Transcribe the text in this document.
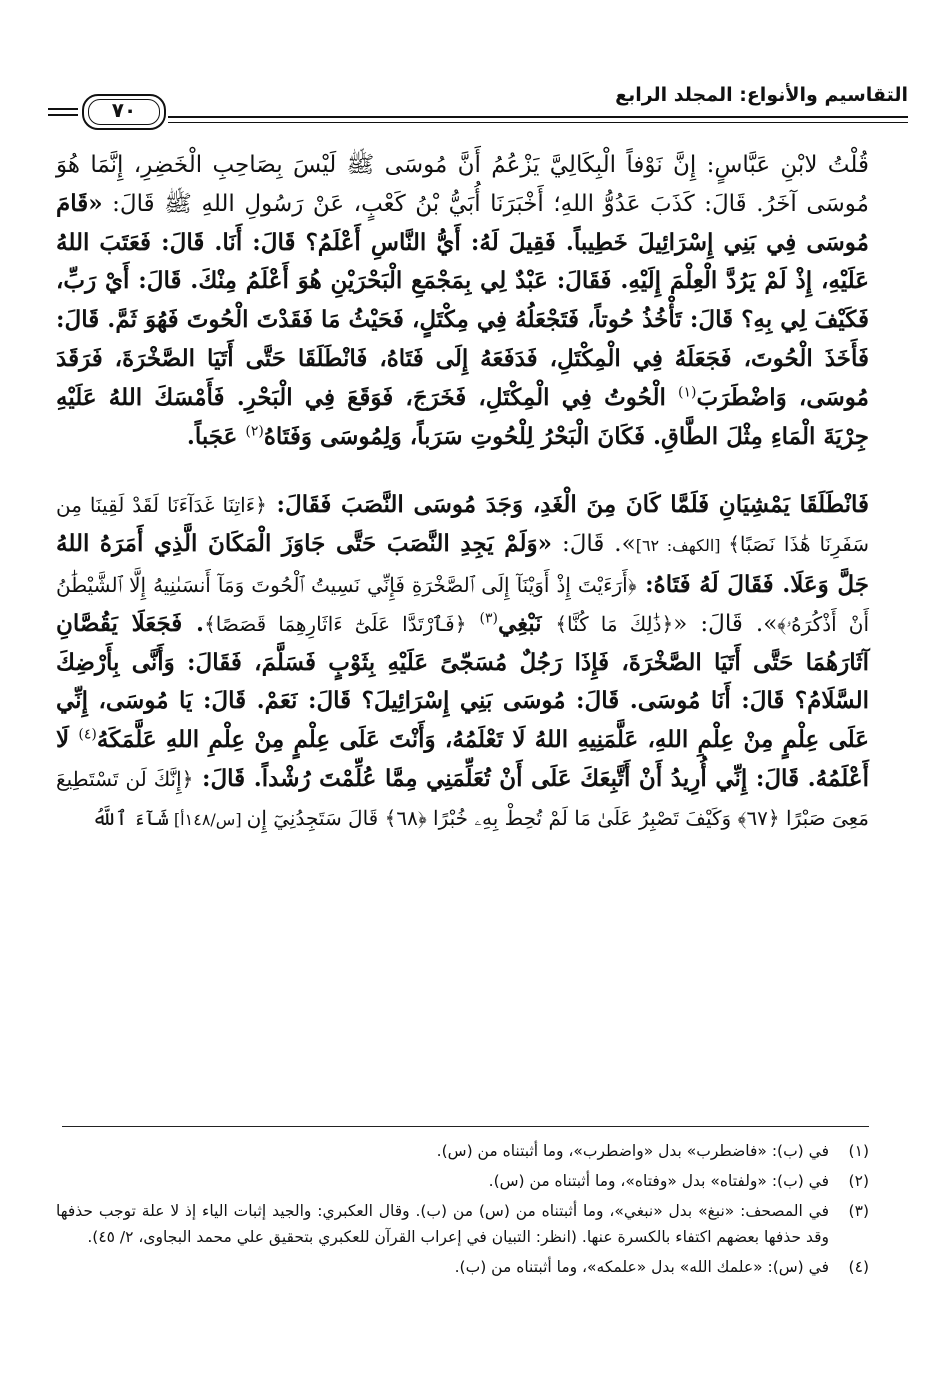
التقاسيم والأنواع: المجلد الرابع
٧٠

قُلْتُ لابْنِ عَبَّاسٍ: إِنَّ نَوْفاً الْبِكَالِيَّ يَزْعُمُ أَنَّ مُوسَى ﷺ لَيْسَ بِصَاحِبِ الْخَضِرِ، إِنَّمَا هُوَ مُوسَى آخَرُ. قَالَ: كَذَبَ عَدُوُّ اللهِ؛ أَخْبَرَنَا أُبَيُّ بْنُ كَعْبٍ، عَنْ رَسُولِ اللهِ ﷺ قَالَ: «قَامَ مُوسَى فِي بَنِي إِسْرَائِيلَ خَطِيباً. فَقِيلَ لَهُ: أَيُّ النَّاسِ أَعْلَمُ؟ قَالَ: أَنَا. قَالَ: فَعَتَبَ اللهُ عَلَيْهِ، إِذْ لَمْ يَرُدَّ الْعِلْمَ إِلَيْهِ. فَقَالَ: عَبْدٌ لِي بِمَجْمَعِ الْبَحْرَيْنِ هُوَ أَعْلَمُ مِنْكَ. قَالَ: أَيْ رَبِّ، فَكَيْفَ لِي بِهِ؟ قَالَ: تَأْخُذُ حُوتاً، فَتَجْعَلُهُ فِي مِكْتَلٍ، فَحَيْثُ مَا فَقَدْتَ الْحُوتَ فَهُوَ ثَمَّ. قَالَ: فَأَخَذَ الْحُوتَ، فَجَعَلَهُ فِي الْمِكْتَلِ، فَدَفَعَهُ إِلَى فَتَاهُ، فَانْطَلَقَا حَتَّى أَتَيَا الصَّخْرَةَ، فَرَقَدَ مُوسَى، وَاضْطَرَبَ$^{(١)}$ الْحُوتُ فِي الْمِكْتَلِ، فَخَرَجَ، فَوَقَعَ فِي الْبَحْرِ. فَأَمْسَكَ اللهُ عَلَيْهِ جِرْيَةَ الْمَاءِ مِثْلَ الطَّاقِ. فَكَانَ الْبَحْرُ لِلْحُوتِ سَرَباً، وَلِمُوسَى وَفَتَاهُ$^{(٢)}$ عَجَباً.

فَانْطَلَقَا يَمْشِيَانِ فَلَمَّا كَانَ مِنَ الْغَدِ، وَجَدَ مُوسَى النَّصَبَ فَقَالَ: ﴿ءَاتِنَا غَدَآءَنَا لَقَدْ لَقِينَا مِن سَفَرِنَا هَٰذَا نَصَبًا﴾ [الكهف: ٦٢]». قَالَ: «وَلَمْ يَجِدِ النَّصَبَ حَتَّى جَاوَزَ الْمَكَانَ الَّذِي أَمَرَهُ اللهُ جَلَّ وَعَلَا. فَقَالَ لَهُ فَتَاهُ: ﴿أَرَءَيْتَ إِذْ أَوَيْنَآ إِلَى ٱلصَّخْرَةِ فَإِنِّي نَسِيتُ ٱلْحُوتَ وَمَآ أَنسَىٰنِيهُ إِلَّا ٱلشَّيْطَٰنُ أَنْ أَذْكُرَهُۥ﴾». قَالَ: «﴿ذَٰلِكَ مَا كُنَّا﴾ نَبْغِي$^{(٣)}$ ﴿فَٱرْتَدَّا عَلَىٰٓ ءَاثَارِهِمَا قَصَصًا﴾. فَجَعَلَا يَقُصَّانِ آثَارَهُمَا حَتَّى أَتَيَا الصَّخْرَةَ، فَإِذَا رَجُلٌ مُسَجّىً عَلَيْهِ بِثَوْبٍ فَسَلَّمَ، فَقَالَ: وَأَنَّى بِأَرْضِكَ السَّلَامُ؟ قَالَ: أَنَا مُوسَى. قَالَ: مُوسَى بَنِي إِسْرَائِيلَ؟ قَالَ: نَعَمْ. قَالَ: يَا مُوسَى، إِنِّي عَلَى عِلْمٍ مِنْ عِلْمِ اللهِ، عَلَّمَنِيهِ اللهُ لَا تَعْلَمُهُ، وَأَنْتَ عَلَى عِلْمٍ مِنْ عِلْمِ اللهِ عَلَّمَكَهُ$^{(٤)}$ لَا أَعْلَمُهُ. قَالَ: إِنِّي أُرِيدُ أَنْ أَتَّبِعَكَ عَلَى أَنْ تُعَلِّمَنِي مِمَّا عُلِّمْتَ رُشْداً. قَالَ: ﴿إِنَّكَ لَن تَسْتَطِيعَ مَعِىَ صَبْرًا ﴿٦٧﴾ وَكَيْفَ تَصْبِرُ عَلَىٰ مَا لَمْ تُحِطْ بِهِۦ خُبْرًا ﴿٦٨﴾ قَالَ سَتَجِدُنِيٓ إِن [س/١٤٨أ] شَآءَ ٱللَّهُ

(١)
في (ب): «فاضطرب» بدل «واضطرب»، وما أثبتناه من (س).
(٢)
في (ب): «ولفتاه» بدل «وفتاه»، وما أثبتناه من (س).
(٣)
في المصحف: «نبغ» بدل «نبغي»، وما أثبتناه من (س) من (ب). وقال العكبري: والجيد إثبات الياء إذ لا علة توجب حذفها وقد حذفها بعضهم اكتفاء بالكسرة عنها. (انظر: التبيان في إعراب القرآن للعكبري بتحقيق علي محمد البجاوى، ٢/ ٤٥).
(٤)
في (س): «علمك الله» بدل «علمكه»، وما أثبتناه من (ب).
